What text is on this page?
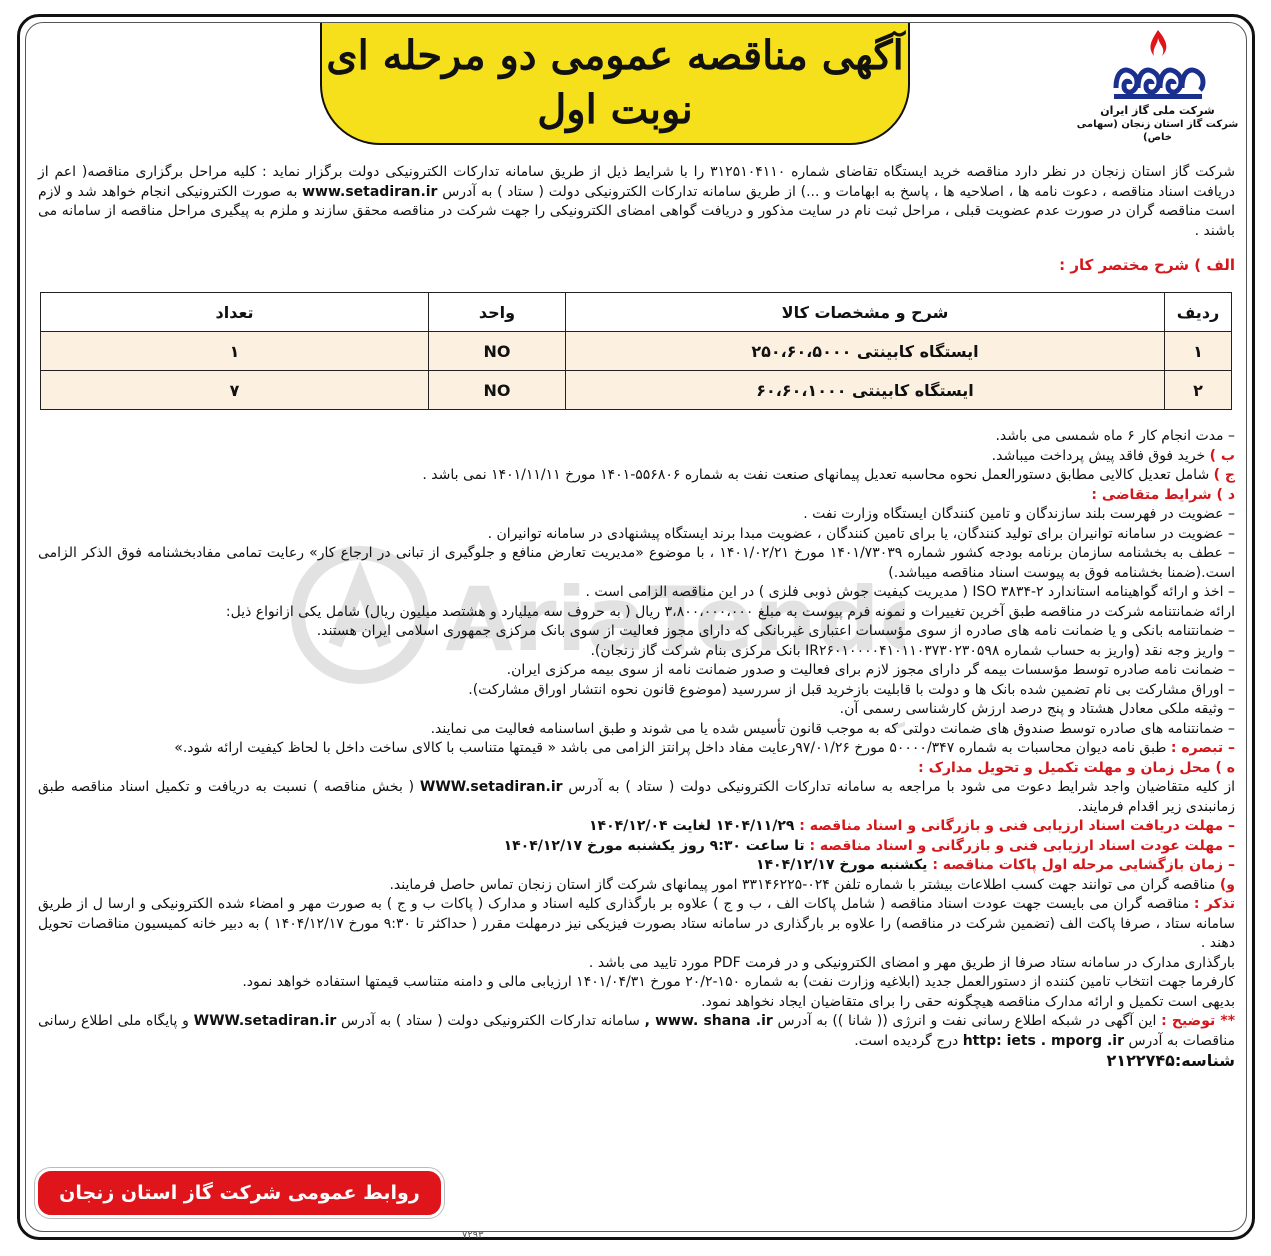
شرکت ملی گاز ایران
شرکت گاز استان زنجان (سهامی خاص)
آگهی مناقصه عمومی دو مرحله ای
نوبت اول
AriaTend
شرکت گاز استان زنجان در نظر دارد مناقصه خرید ایستگاه تقاضای شماره ۳۱۲۵۱۰۴۱۱۰ را با شرایط ذیل از طریق سامانه تدارکات الکترونیکی دولت برگزار نماید : کلیه مراحل برگزاری مناقصه( اعم از دریافت اسناد مناقصه ، دعوت نامه ها ، اصلاحیه ها ، پاسخ به ابهامات و ...) از طریق سامانه تدارکات الکترونیکی دولت ( ستاد ) به آدرس www.setadiran.ir به صورت الکترونیکی انجام خواهد شد و لازم است مناقصه گران در صورت عدم عضویت قبلی ، مراحل ثبت نام در سایت مذکور و دریافت گواهی امضای الکترونیکی را جهت شرکت در مناقصه محقق سازند و ملزم به پیگیری مراحل مناقصه از سامانه می باشند .
الف ) شرح مختصر کار :
ردیف	شرح و مشخصات کالا	واحد	تعداد
۱	ایستگاه کابینتی ۲۵۰،۶۰،۵۰۰۰	NO	۱
۲	ایستگاه کابینتی ۶۰،۶۰،۱۰۰۰	NO	۷
– مدت انجام کار ۶ ماه شمسی می باشد.
ب ) خرید فوق فاقد پیش پرداخت میباشد.
ج ) شامل تعدیل کالایی مطابق دستورالعمل نحوه محاسبه تعدیل پیمانهای صنعت نفت به شماره ۵۵۶۸۰۶-۱۴۰۱ مورخ ۱۴۰۱/۱۱/۱۱ نمی باشد .
د ) شرایط متقاضی :
– عضویت در فهرست بلند سازندگان و تامین کنندگان ایستگاه وزارت نفت .
– عضویت در سامانه توانیران برای تولید کنندگان، یا برای تامین کنندگان ، عضویت مبدا برند ایستگاه پیشنهادی در سامانه توانیران .
– عطف به بخشنامه سازمان برنامه بودجه کشور شماره ۱۴۰۱/۷۳۰۳۹ مورخ ۱۴۰۱/۰۲/۲۱ ، با موضوع «مدیریت تعارض منافع و جلوگیری از تبانی در ارجاع کار» رعایت تمامی مفادبخشنامه فوق الذکر الزامی است.(ضمنا بخشنامه فوق به پیوست اسناد مناقصه میباشد.)
– اخذ و ارائه گواهینامه استاندارد ISO ۳۸۳۴-۲ ( مدیریت کیفیت جوش ذوبی فلزی ) در این مناقصه الزامی است .
ارائه ضمانتنامه شرکت در مناقصه طبق آخرین تغییرات و نمونه فرم پیوست به مبلغ ۳،۸۰۰،۰۰۰،۰۰۰ ریال ( به حروف سه میلیارد و هشتصد میلیون ریال) شامل یکی ازانواع ذیل:
– ضمانتنامه بانکی و یا ضمانت نامه های صادره از سوی مؤسسات اعتباری غیربانکی که دارای مجوز فعالیت از سوی بانک مرکزی جمهوری اسلامی ایران هستند.
– واریز وجه نقد (واریز به حساب شماره IR۲۶۰۱۰۰۰۰۴۱۰۱۱۰۳۷۳۰۲۳۰۵۹۸ بانک مرکزی بنام شرکت گاز زنجان).
– ضمانت نامه صادره توسط مؤسسات بیمه گر دارای مجوز لازم برای فعالیت و صدور ضمانت نامه از سوی بیمه مرکزی ایران.
– اوراق مشارکت بی نام تضمین شده بانک ها و دولت با قابلیت بازخرید قبل از سررسید (موضوع قانون نحوه انتشار اوراق مشارکت).
– وثیقه ملکی معادل هشتاد و پنج درصد ارزش کارشناسی رسمی آن.
– ضمانتنامه های صادره توسط صندوق های ضمانت دولتی که به موجب قانون تأسیس شده یا می شوند و طبق اساسنامه فعالیت می نمایند.
– تبصره : طبق نامه دیوان محاسبات به شماره ۵۰۰۰۰/۳۴۷ مورخ ۹۷/۰۱/۲۶رعایت مفاد داخل پرانتز الزامی می باشد « قیمتها متناسب با کالای ساخت داخل با لحاظ کیفیت ارائه شود.»
ه ) محل زمان و مهلت تکمیل و تحویل مدارک :
از کلیه متقاضیان واجد شرایط دعوت می شود با مراجعه به سامانه تدارکات الکترونیکی دولت ( ستاد ) به آدرس WWW.setadiran.ir ( بخش مناقصه ) نسبت به دریافت و تکمیل اسناد مناقصه طبق زمانبندی زیر اقدام فرمایند.
– مهلت دریافت اسناد ارزیابی فنی و بازرگانی و اسناد مناقصه : ۱۴۰۴/۱۱/۲۹ لغایت ۱۴۰۴/۱۲/۰۴
– مهلت عودت اسناد ارزیابی فنی و بازرگانی و اسناد مناقصه : تا ساعت ۹:۳۰ روز یکشنبه مورخ ۱۴۰۴/۱۲/۱۷
– زمان بازگشایی مرحله اول پاکات مناقصه : یکشنبه مورخ ۱۴۰۴/۱۲/۱۷
و) مناقصه گران می توانند جهت کسب اطلاعات بیشتر با شماره تلفن ۰۲۴-۳۳۱۴۶۲۲۵ امور پیمانهای شرکت گاز استان زنجان تماس حاصل فرمایند.
تذکر : مناقصه گران می بایست جهت عودت اسناد مناقصه ( شامل پاکات الف ، ب و ج ) علاوه بر بارگذاری کلیه اسناد و مدارک ( پاکات ب و ج ) به صورت مهر و امضاء شده الکترونیکی و ارسا ل از طریق سامانه ستاد ، صرفا پاکت الف (تضمین شرکت در مناقصه) را علاوه بر بارگذاری در سامانه ستاد بصورت فیزیکی نیز درمهلت مقرر ( حداکثر تا ۹:۳۰ مورخ ۱۴۰۴/۱۲/۱۷ ) به دبیر خانه کمیسیون مناقصات تحویل دهند .
بارگذاری مدارک در سامانه ستاد صرفا از طریق مهر و امضای الکترونیکی و در فرمت PDF مورد تایید می باشد .
کارفرما جهت انتخاب تامین کننده از دستورالعمل جدید (ابلاغیه وزارت نفت) به شماره ۱۵۰-۲۰/۲ مورخ ۱۴۰۱/۰۴/۳۱ ارزیابی مالی و دامنه متناسب قیمتها استفاده خواهد نمود.
بدیهی است تکمیل و ارائه مدارک مناقصه هیچگونه حقی را برای متقاضیان ایجاد نخواهد نمود.
** توضیح : این آگهی در شبکه اطلاع رسانی نفت و انرژی (( شانا )) به آدرس www. shana .ir , سامانه تدارکات الکترونیکی دولت ( ستاد ) به آدرس WWW.setadiran.ir و پایگاه ملی اطلاع رسانی مناقصات به آدرس http: iets . mporg .ir درج گردیده است.
شناسه:۲۱۲۲۷۴۵
روابط عمومی شرکت گاز استان زنجان
۷۲۹۳
